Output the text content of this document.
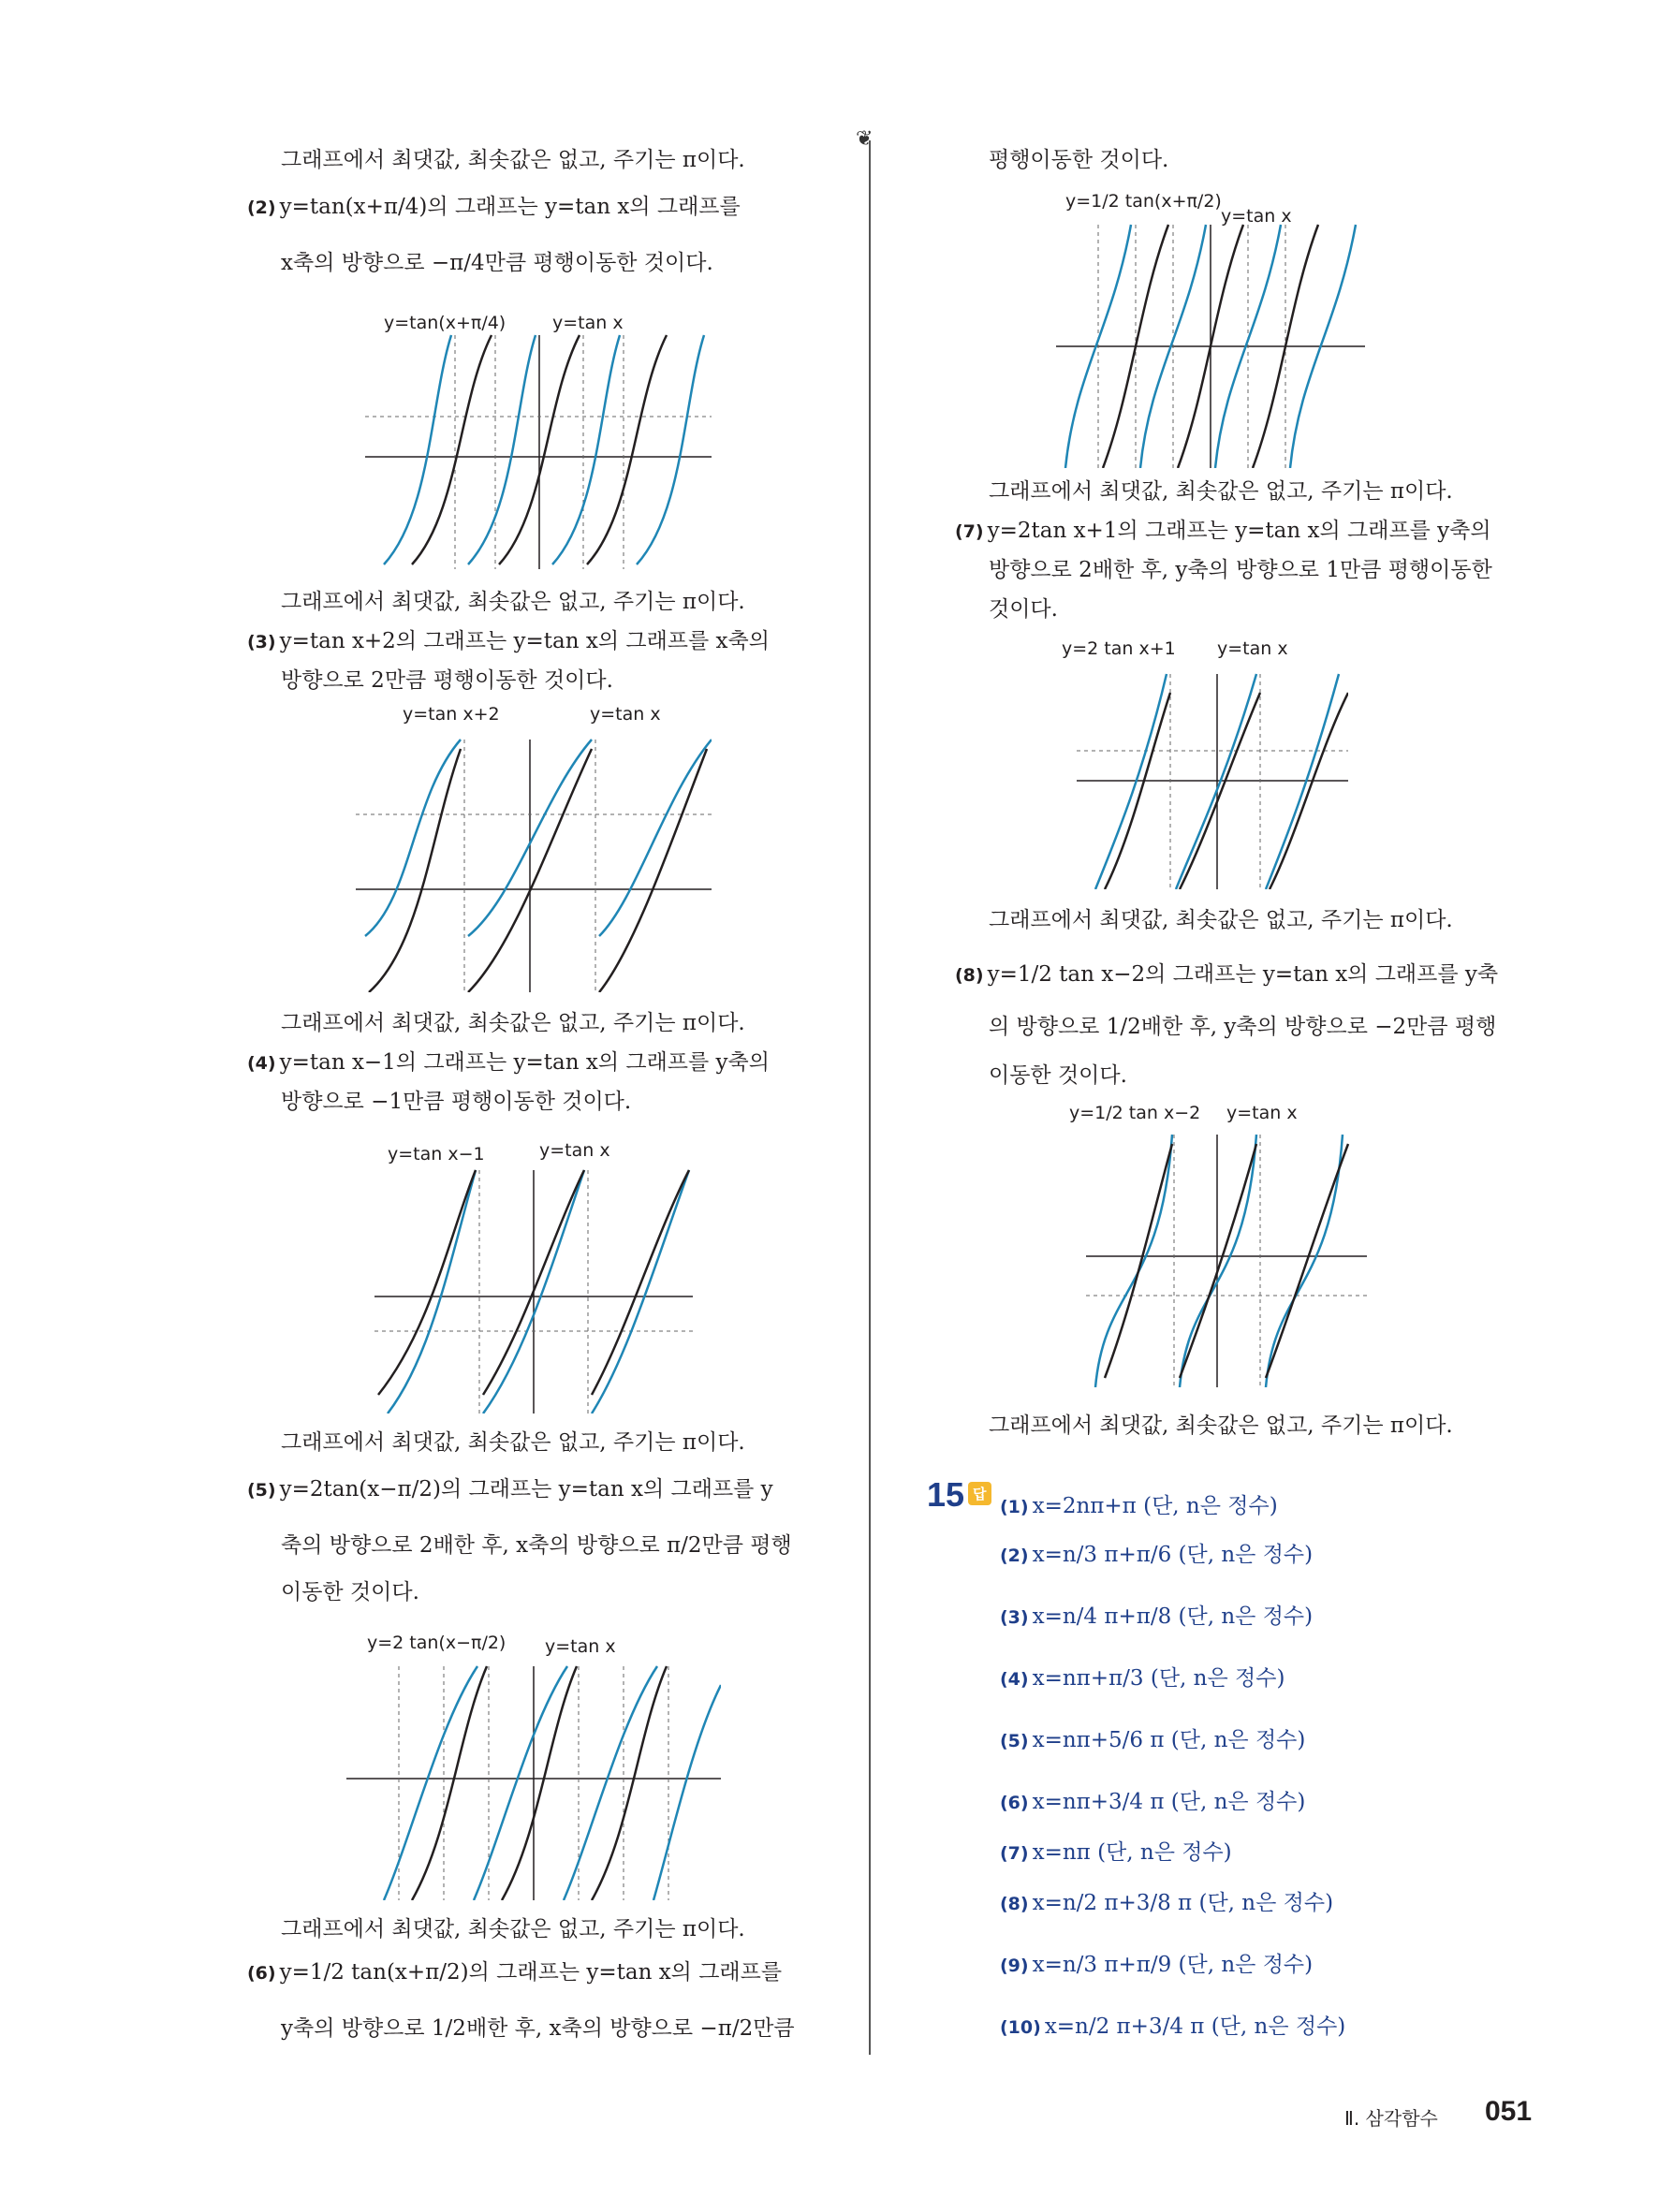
그래프에서 최댓값, 최솟값은 없고, 주기는 π이다.
(2) y=tan(x+π/4)의 그래프는 y=tan x의 그래프를
x축의 방향으로 −π/4만큼 평행이동한 것이다.
y=tan(x+π/4)	y=tan x
그래프에서 최댓값, 최솟값은 없고, 주기는 π이다.
(3) y=tan x+2의 그래프는 y=tan x의 그래프를 x축의
방향으로 2만큼 평행이동한 것이다.
y=tan x+2	y=tan x
그래프에서 최댓값, 최솟값은 없고, 주기는 π이다.
(4) y=tan x−1의 그래프는 y=tan x의 그래프를 y축의
방향으로 −1만큼 평행이동한 것이다.
y=tan x−1	y=tan x
그래프에서 최댓값, 최솟값은 없고, 주기는 π이다.
(5) y=2tan(x−π/2)의 그래프는 y=tan x의 그래프를 y
축의 방향으로 2배한 후, x축의 방향으로 π/2만큼 평행
이동한 것이다.
y=2 tan(x−π/2) y=tan x
그래프에서 최댓값, 최솟값은 없고, 주기는 π이다.
(6) y=1/2 tan(x+π/2)의 그래프는 y=tan x의 그래프를
y축의 방향으로 1/2배한 후, x축의 방향으로 −π/2만큼
❦
평행이동한 것이다.
y=1/2 tan(x+π/2)
y=tan x
그래프에서 최댓값, 최솟값은 없고, 주기는 π이다.
(7) y=2tan x+1의 그래프는 y=tan x의 그래프를 y축의
방향으로 2배한 후, y축의 방향으로 1만큼 평행이동한
것이다.
y=2 tan x+1 y=tan x
그래프에서 최댓값, 최솟값은 없고, 주기는 π이다.
(8) y=1/2 tan x−2의 그래프는 y=tan x의 그래프를 y축
의 방향으로 1/2배한 후, y축의 방향으로 −2만큼 평행
이동한 것이다.
y=1/2 tan x−2 y=tan x
그래프에서 최댓값, 최솟값은 없고, 주기는 π이다.
15 답
(1) x=2nπ+π (단, n은 정수)
(2) x=n/3 π+π/6 (단, n은 정수)
(3) x=n/4 π+π/8 (단, n은 정수)
(4) x=nπ+π/3 (단, n은 정수)
(5) x=nπ+5/6 π (단, n은 정수)
(6) x=nπ+3/4 π (단, n은 정수)
(7) x=nπ (단, n은 정수)
(8) x=n/2 π+3/8 π (단, n은 정수)
(9) x=n/3 π+π/9 (단, n은 정수)
(10) x=n/2 π+3/4 π (단, n은 정수)
Ⅱ. 삼각함수 051
